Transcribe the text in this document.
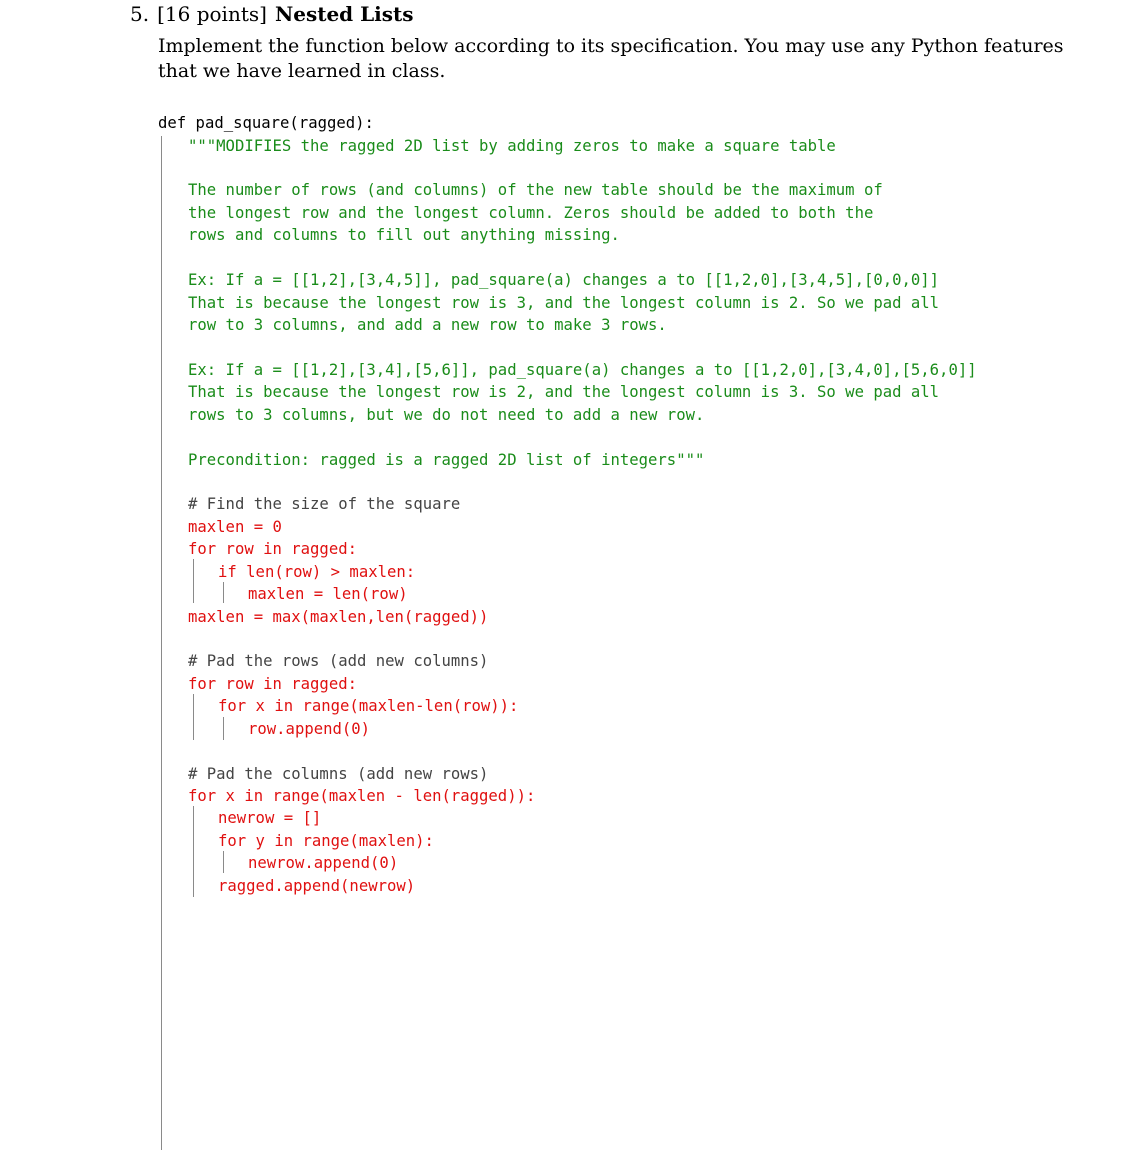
5. [16 points] Nested Lists
Implement the function below according to its specification. You may use any Python features
that we have learned in class.

def pad_square(ragged):

"""MODIFIES the ragged 2D list by adding zeros to make a square table

The number of rows (and columns) of the new table should be the maximum of

the longest row and the longest column. Zeros should be added to both the

rows and columns to fill out anything missing.

Ex: If a = [[1,2],[3,4,5]], pad_square(a) changes a to [[1,2,0],[3,4,5],[0,0,0]]

That is because the longest row is 3, and the longest column is 2. So we pad all

row to 3 columns, and add a new row to make 3 rows.

Ex: If a = [[1,2],[3,4],[5,6]], pad_square(a) changes a to [[1,2,0],[3,4,0],[5,6,0]]

That is because the longest row is 2, and the longest column is 3. So we pad all

rows to 3 columns, but we do not need to add a new row.

Precondition: ragged is a ragged 2D list of integers"""

# Find the size of the square

maxlen = 0

for row in ragged:

if len(row) > maxlen:

maxlen = len(row)

maxlen = max(maxlen,len(ragged))

# Pad the rows (add new columns)

for row in ragged:

for x in range(maxlen-len(row)):

row.append(0)

# Pad the columns (add new rows)

for x in range(maxlen - len(ragged)):

newrow = []

for y in range(maxlen):

newrow.append(0)

ragged.append(newrow)
